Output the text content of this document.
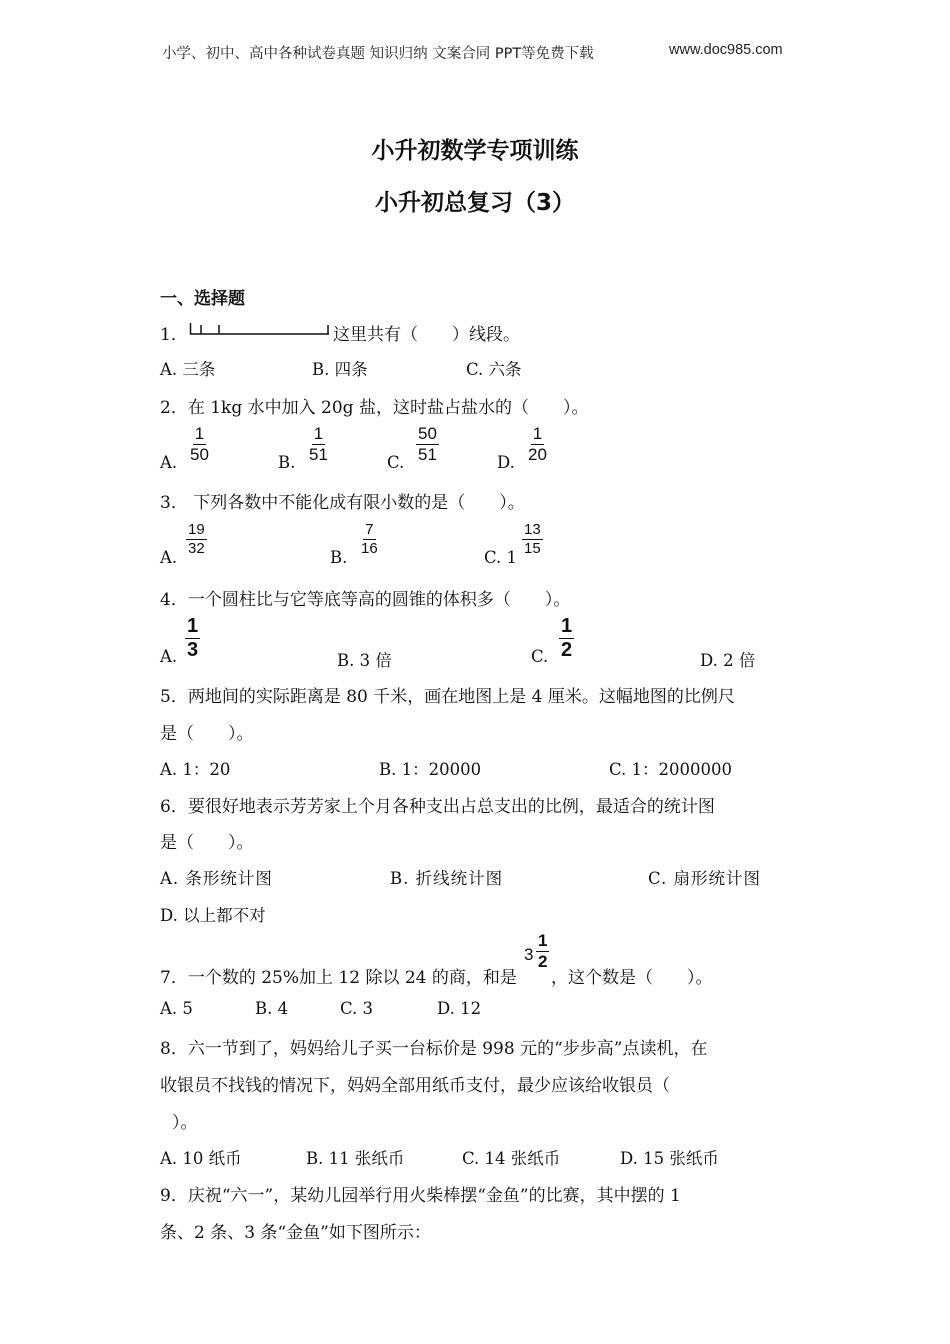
小学、初中、高中各种试卷真题 知识归纳 文案合同 PPT等免费下载	www.doc985.com
小升初数学专项训练
小升初总复习（3）
一、选择题
1．	这里共有（　　）线段。
A. 三条	B. 四条	C. 六条
2．在 1kg 水中加入 20g 盐，这时盐占盐水的（　　）。
A. $\frac{1}{50}$	B. $\frac{1}{51}$	C. $\frac{50}{51}$	D. $\frac{1}{20}$
3． 下列各数中不能化成有限小数的是（　　）。
A.
$\frac{19}{32}$
B.
$\frac{7}{16}$
C. 1
$\frac{13}{15}$
4．一个圆柱比与它等底等高的圆锥的体积多（　　）。
A. $\frac{1}{3}$	B. 3 倍	C. $\frac{1}{2}$	D. 2 倍
5．两地间的实际距离是 80 千米，画在地图上是 4 厘米。这幅地图的比例尺
是（　　）。
A. 1：20	B. 1：20000	C. 1：2000000
6．要很好地表示芳芳家上个月各种支出占总支出的比例，最适合的统计图
是（　　）。
A. 条形统计图	B. 折线统计图	C. 扇形统计图
D. 以上都不对
7．一个数的 25%加上 12 除以 24 的商，和是
$3 \frac{1}{2}$
，这个数是（　　）。
A. 5	B. 4	C. 3	D. 12
8．六一节到了，妈妈给儿子买一台标价是 998 元的“步步高”点读机，在
收银员不找钱的情况下，妈妈全部用纸币支付，最少应该给收银员（
）。
A. 10 纸币	B. 11 张纸币	C. 14 张纸币	D. 15 张纸币
9．庆祝“六一”，某幼儿园举行用火柴棒摆“金鱼”的比赛，其中摆的 1
条、2 条、3 条“金鱼”如下图所示：
